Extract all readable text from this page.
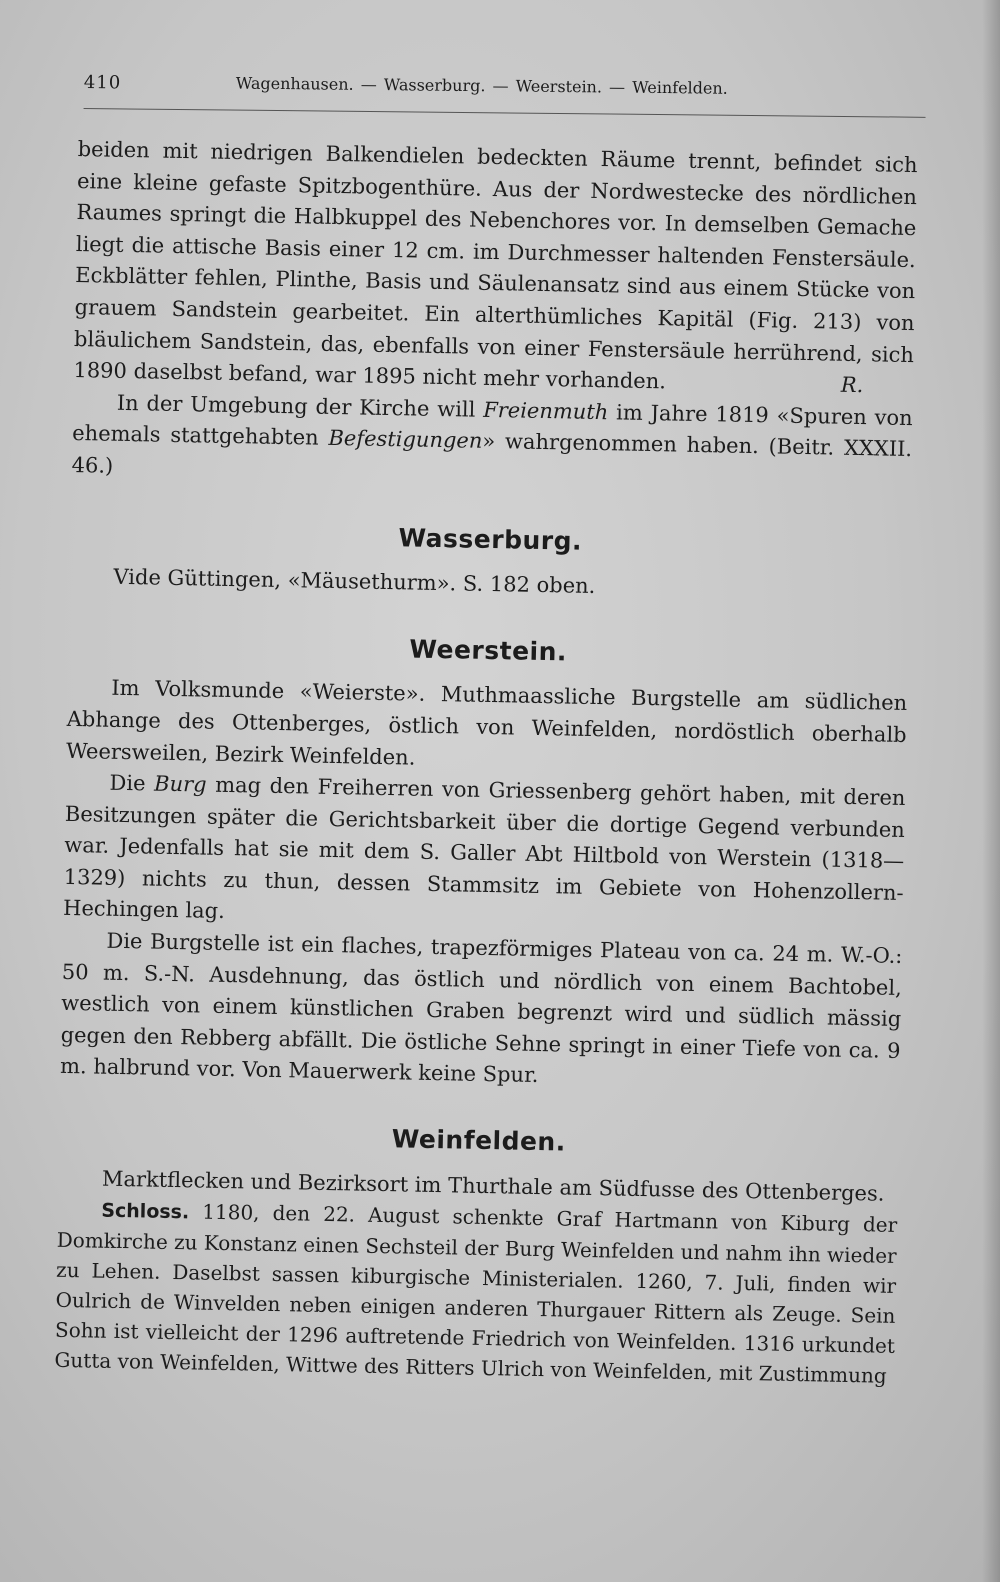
410	Wagenhausen. — Wasserburg. — Weerstein. — Weinfelden.

beiden mit niedrigen Balkendielen bedeckten Räume trennt, befindet sich eine kleine gefaste Spitzbogenthüre. Aus der Nordwestecke des nördlichen Raumes springt die Halbkuppel des Nebenchores vor. In demselben Gemache liegt die attische Basis einer 12 cm. im Durchmesser haltenden Fenstersäule. Eckblätter fehlen, Plinthe, Basis und Säulenansatz sind aus einem Stücke von grauem Sandstein gearbeitet. Ein alterthümliches Kapitäl (Fig. 213) von bläulichem Sandstein, das, ebenfalls von einer Fenstersäule herrührend, sich 1890 daselbst befand, war 1895 nicht mehr vorhanden.	R.

In der Umgebung der Kirche will Freienmuth im Jahre 1819 «Spuren von ehemals stattgehabten Befestigungen» wahrgenommen haben. (Beitr. XXXII. 46.)

Wasserburg.

Vide Güttingen, «Mäusethurm». S. 182 oben.

Weerstein.

Im Volksmunde «Weierste». Muthmaassliche Burgstelle am südlichen Abhange des Ottenberges, östlich von Weinfelden, nordöstlich oberhalb Weersweilen, Bezirk Weinfelden.

Die Burg mag den Freiherren von Griessenberg gehört haben, mit deren Besitzungen später die Gerichtsbarkeit über die dortige Gegend verbunden war. Jedenfalls hat sie mit dem S. Galler Abt Hiltbold von Werstein (1318—1329) nichts zu thun, dessen Stammsitz im Gebiete von Hohenzollern-Hechingen lag.

Die Burgstelle ist ein flaches, trapezförmiges Plateau von ca. 24 m. W.-O.: 50 m. S.-N. Ausdehnung, das östlich und nördlich von einem Bachtobel, westlich von einem künstlichen Graben begrenzt wird und südlich mässig gegen den Rebberg abfällt. Die östliche Sehne springt in einer Tiefe von ca. 9 m. halbrund vor. Von Mauerwerk keine Spur.

Weinfelden.

Marktflecken und Bezirksort im Thurthale am Südfusse des Ottenberges.

Schloss. 1180, den 22. August schenkte Graf Hartmann von Kiburg der Domkirche zu Konstanz einen Sechsteil der Burg Weinfelden und nahm ihn wieder zu Lehen. Daselbst sassen kiburgische Ministerialen. 1260, 7. Juli, finden wir Oulrich de Winvelden neben einigen anderen Thurgauer Rittern als Zeuge. Sein Sohn ist vielleicht der 1296 auftretende Friedrich von Weinfelden. 1316 urkundet Gutta von Weinfelden, Wittwe des Ritters Ulrich von Weinfelden, mit Zustimmung
